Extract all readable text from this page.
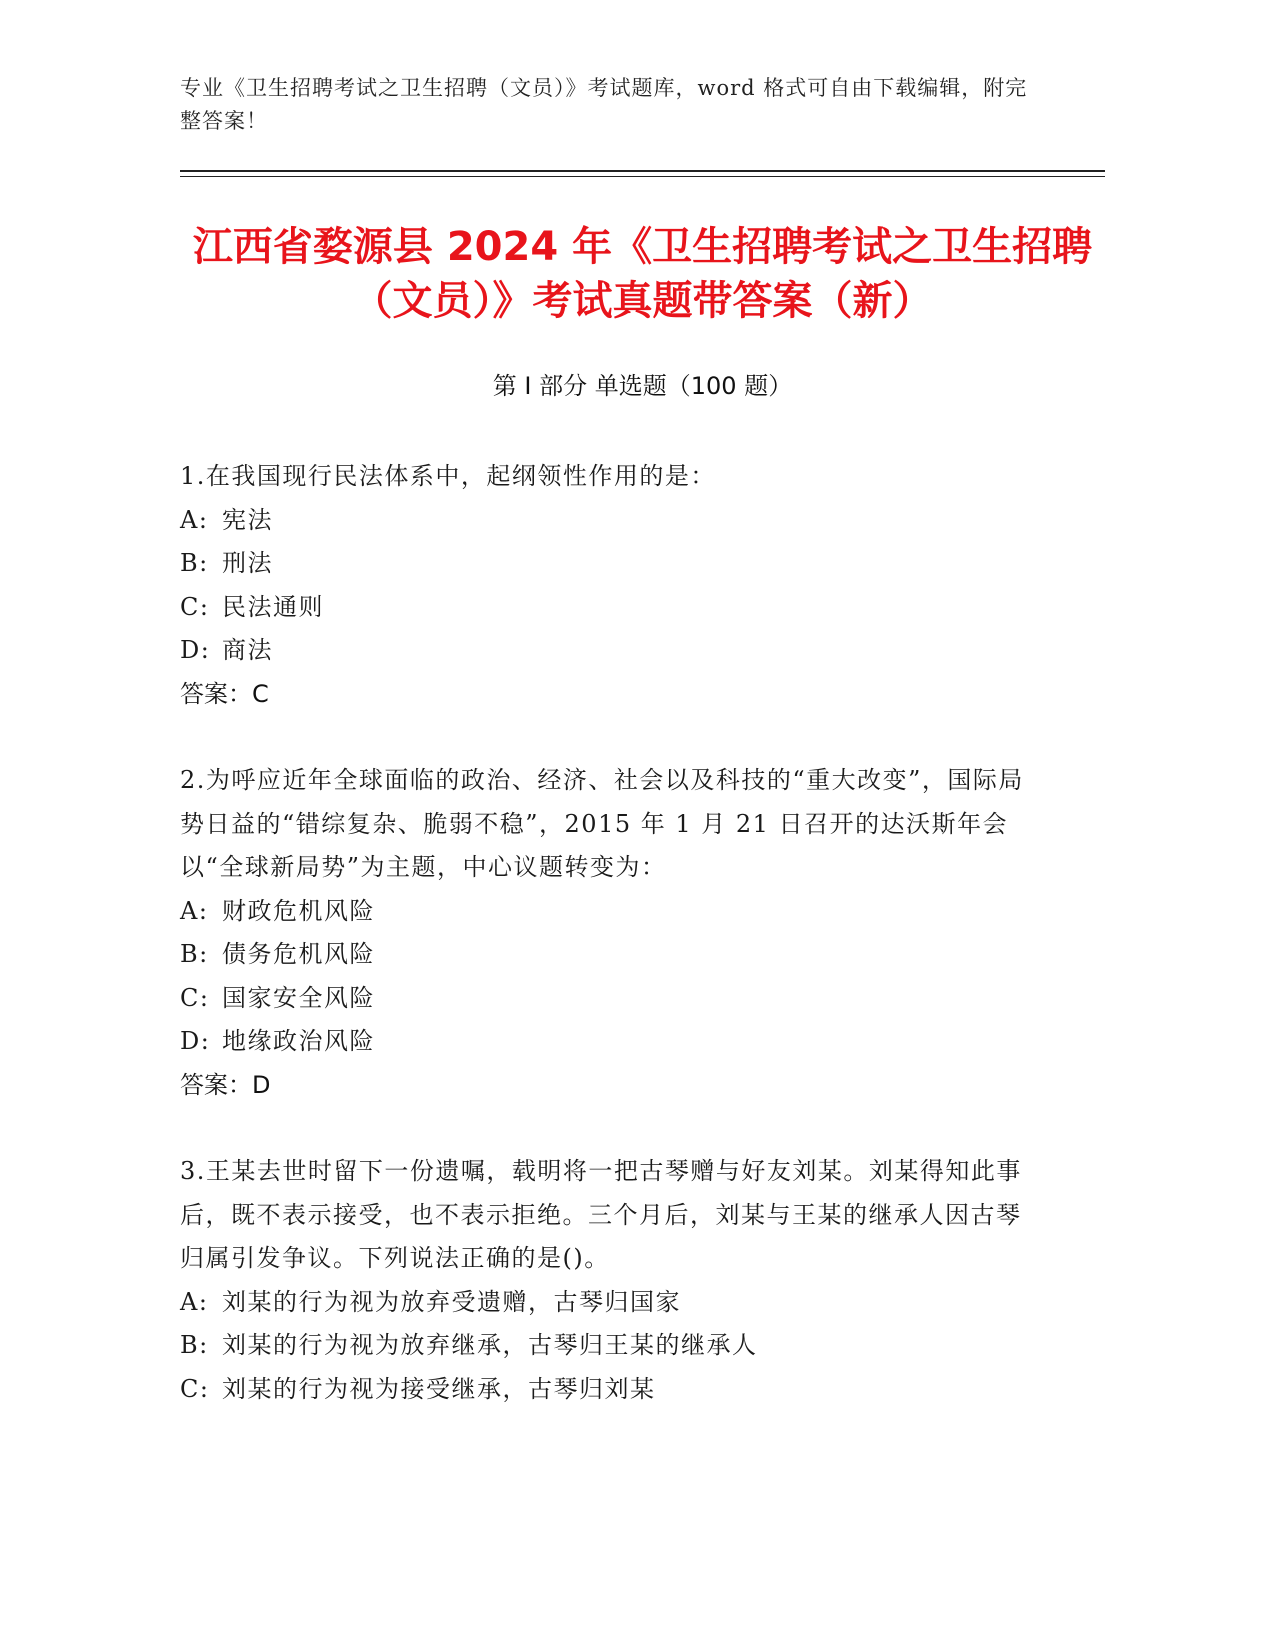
专业《卫生招聘考试之卫生招聘（文员）》考试题库，word 格式可自由下载编辑，附完整答案！
江西省婺源县 2024 年《卫生招聘考试之卫生招聘（文员）》考试真题带答案（新）
第 I 部分 单选题（100 题）
1.在我国现行民法体系中，起纲领性作用的是：
A: 宪法
B: 刑法
C: 民法通则
D: 商法
答案：C
2.为呼应近年全球面临的政治、经济、社会以及科技的“重大改变”，国际局势日益的“错综复杂、脆弱不稳”，2015 年 1 月 21 日召开的达沃斯年会以“全球新局势”为主题，中心议题转变为：
A: 财政危机风险
B: 债务危机风险
C: 国家安全风险
D: 地缘政治风险
答案：D
3.王某去世时留下一份遗嘱，载明将一把古琴赠与好友刘某。刘某得知此事后，既不表示接受，也不表示拒绝。三个月后，刘某与王某的继承人因古琴归属引发争议。下列说法正确的是()。
A: 刘某的行为视为放弃受遗赠，古琴归国家
B: 刘某的行为视为放弃继承，古琴归王某的继承人
C: 刘某的行为视为接受继承，古琴归刘某
